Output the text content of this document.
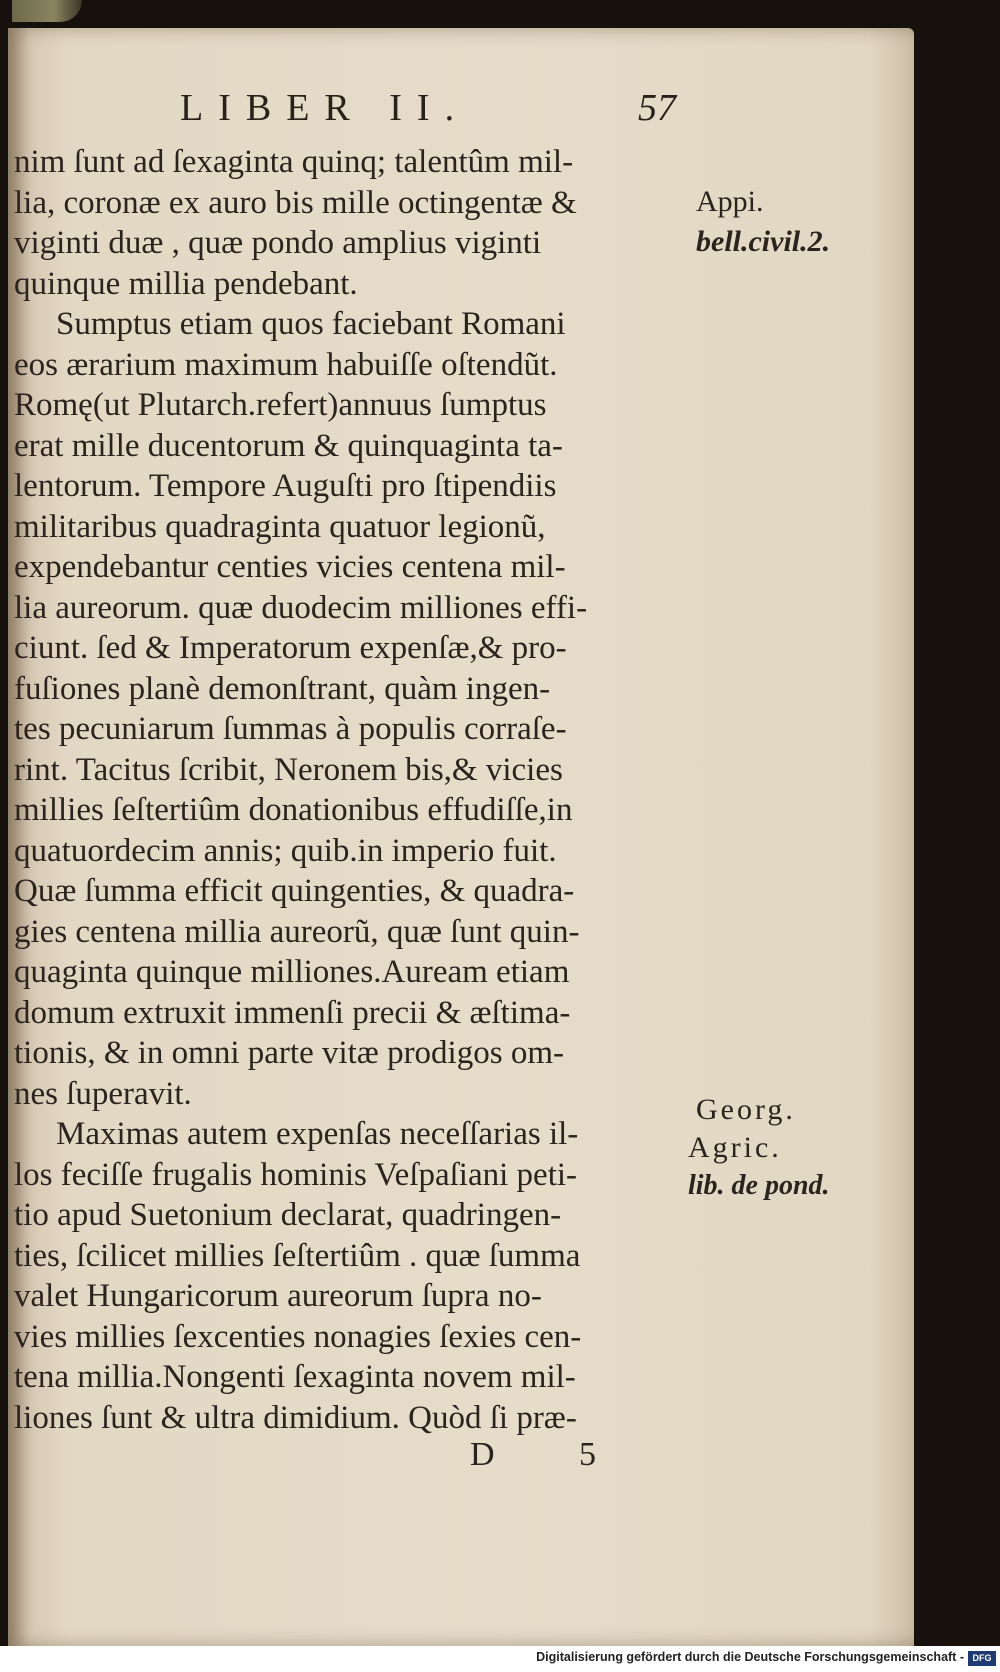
LIBER II.	57
nim ſunt ad ſexaginta quinq; talentûm mil-
lia, coronæ ex auro bis mille octingentæ &
viginti duæ , quæ pondo amplius viginti
quinque millia pendebant.
Sumptus etiam quos faciebant Romani
eos ærarium maximum habuiſſe oſtendũt.
Romę(ut Plutarch.refert)annuus ſumptus
erat mille ducentorum & quinquaginta ta-
lentorum. Tempore Auguſti pro ſtipendiis
militaribus quadraginta quatuor legionũ,
expendebantur centies vicies centena mil-
lia aureorum. quæ duodecim milliones effi-
ciunt. ſed & Imperatorum expenſæ,& pro-
fuſiones planè demonſtrant, quàm ingen-
tes pecuniarum ſummas à populis corraſe-
rint. Tacitus ſcribit, Neronem bis,& vicies
millies ſeſtertiûm donationibus effudiſſe,in
quatuordecim annis; quib.in imperio fuit.
Quæ ſumma efficit quingenties, & quadra-
gies centena millia aureorũ, quæ ſunt quin-
quaginta quinque milliones.Auream etiam
domum extruxit immenſi precii & æſtima-
tionis, & in omni parte vitæ prodigos om-
nes ſuperavit.
Maximas autem expenſas neceſſarias il-
los feciſſe frugalis hominis Veſpaſiani peti-
tio apud Suetonium declarat, quadringen-
ties, ſcilicet millies ſeſtertiûm . quæ ſumma
valet Hungaricorum aureorum ſupra no-
vies millies ſexcenties nonagies ſexies cen-
tena millia.Nongenti ſexaginta novem mil-
liones ſunt & ultra dimidium. Quòd ſi præ-
Appi.
bell.civil.2.
Georg.
Agric.
lib. de pond.
D 5
Digitalisierung gefördert durch die Deutsche Forschungsgemeinschaft - DFG
